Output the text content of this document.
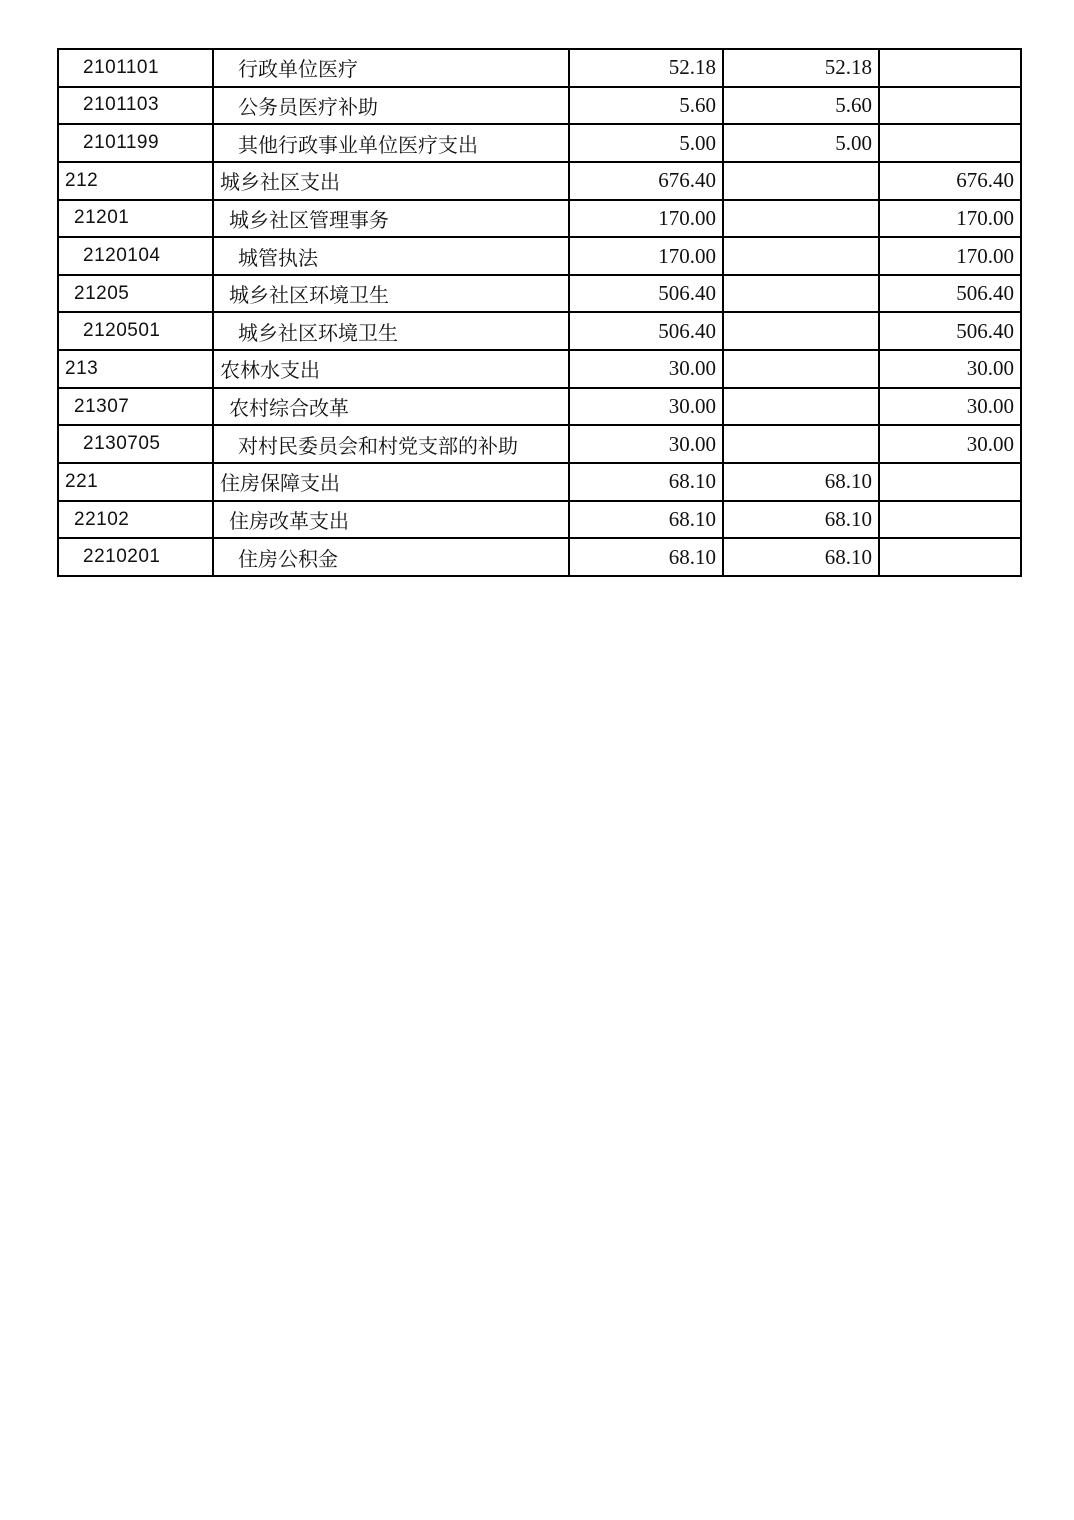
2101101	行政单位医疗	52.18	52.18	
2101103	公务员医疗补助	5.60	5.60	
2101199	其他行政事业单位医疗支出	5.00	5.00	
212	城乡社区支出	676.40		676.40
21201	城乡社区管理事务	170.00		170.00
2120104	城管执法	170.00		170.00
21205	城乡社区环境卫生	506.40		506.40
2120501	城乡社区环境卫生	506.40		506.40
213	农林水支出	30.00		30.00
21307	农村综合改革	30.00		30.00
2130705	对村民委员会和村党支部的补助	30.00		30.00
221	住房保障支出	68.10	68.10	
22102	住房改革支出	68.10	68.10	
2210201	住房公积金	68.10	68.10	
